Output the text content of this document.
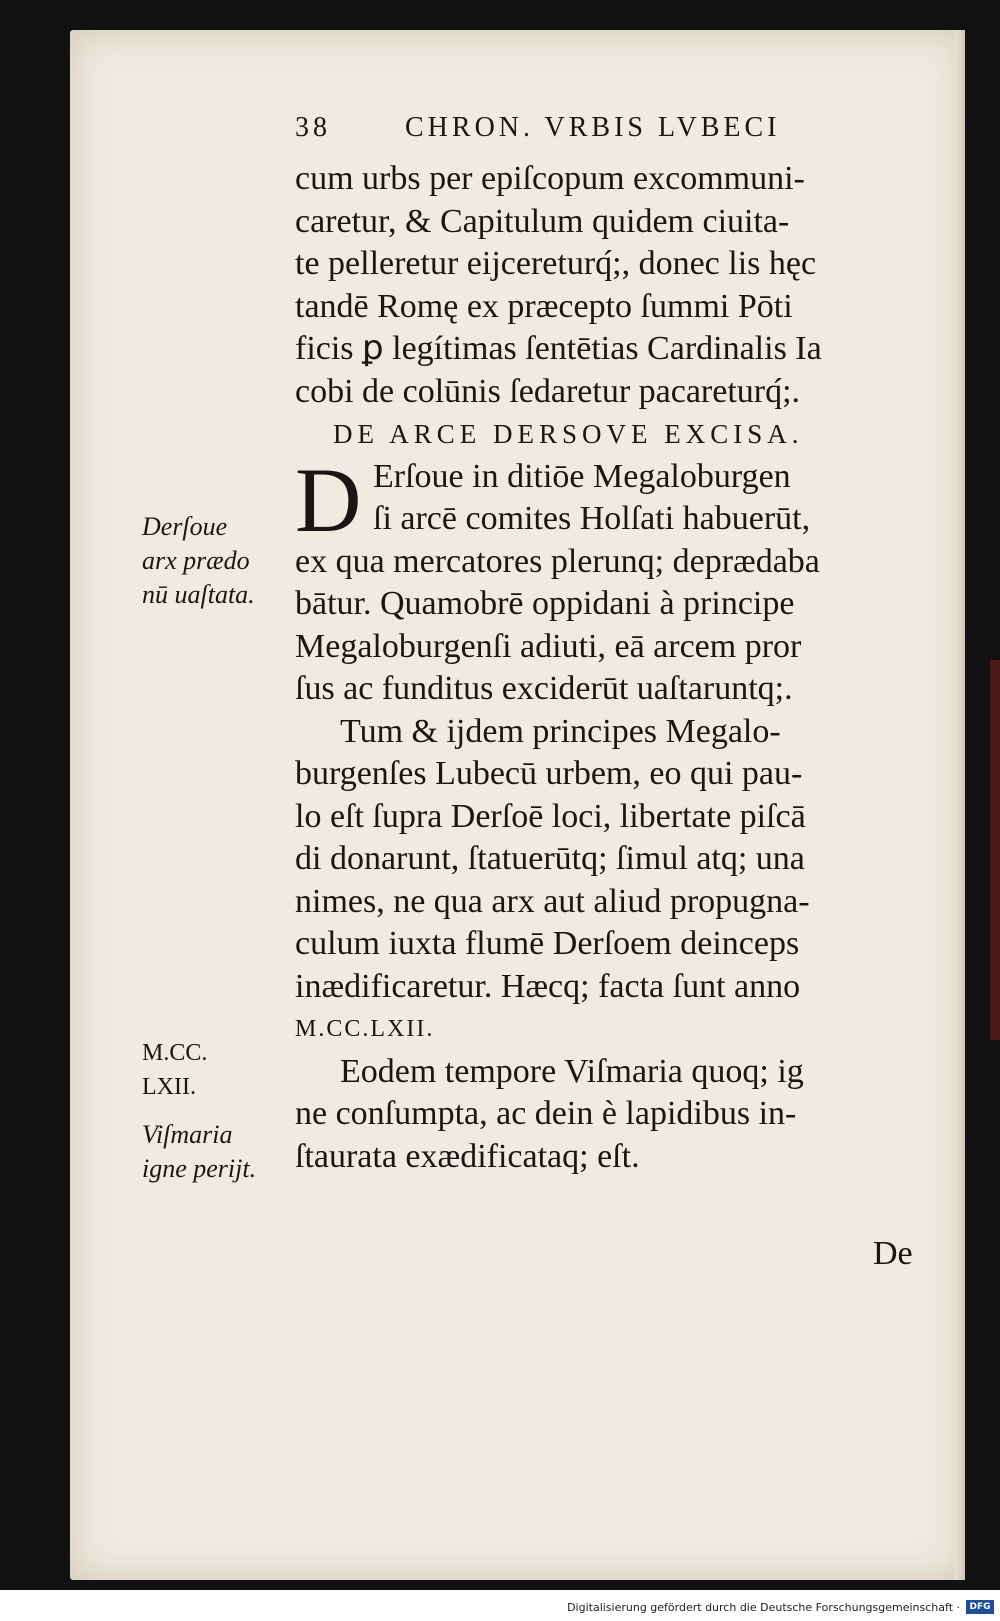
38	CHRON. VRBIS LVBECI
cum urbs per epiſcopum excommuni-
caretur, & Capitulum quidem ciuita-
te pelleretur eijcereturq́;, donec lis hęc
tandē Romę ex præcepto ſummi Pōti
ficis ꝑ legítimas ſentētias Cardinalis Ia
cobi de colūnis ſedaretur pacareturq́;.
DE ARCE DERSOVE EXCISA.
D Erſoue in ditiōe Megaloburgen
ſi arcē comites Holſati habuerūt,
ex qua mercatores plerunq; deprædaba
bātur. Quamobrē oppidani à principe
Megaloburgenſi adiuti, eā arcem pror
ſus ac funditus exciderūt uaſtaruntq;.
Tum & ijdem principes Megalo-
burgenſes Lubecū urbem, eo qui pau-
lo eſt ſupra Derſoē loci, libertate piſcā
di donarunt, ſtatuerūtq; ſimul atq; una
nimes, ne qua arx aut aliud propugna-
culum iuxta flumē Derſoem deinceps
inædificaretur. Hæcq; facta ſunt anno
M.CC.LXII.
Eodem tempore Viſmaria quoq; ig
ne conſumpta, ac dein è lapidibus in-
ſtaurata exædificataq; eſt.
Derſoue
arx prædo
nū uaſtata.
M.CC.
LXII.
Viſmaria
igne perijt.
De
Digitalisierung gefördert durch die Deutsche Forschungsgemeinschaft ·	DFG
